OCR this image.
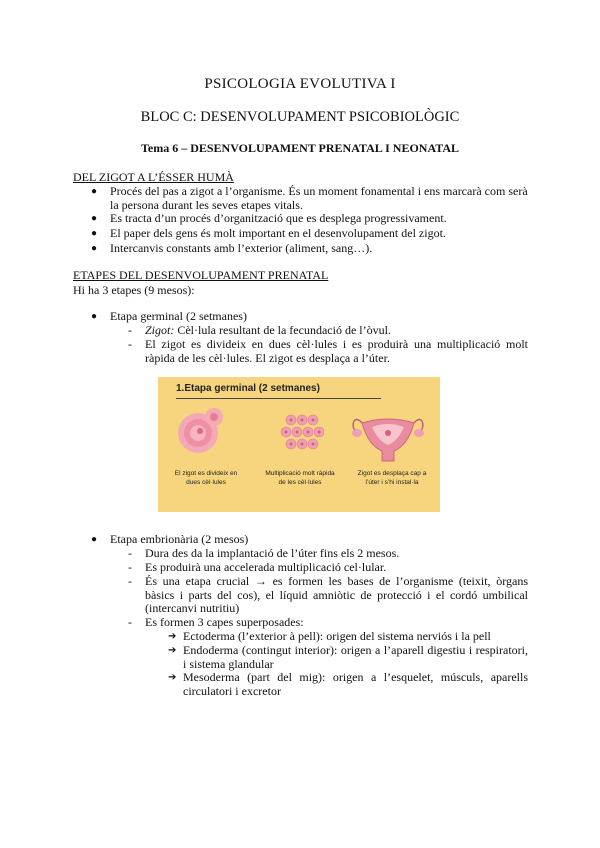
PSICOLOGIA EVOLUTIVA I
BLOC C: DESENVOLUPAMENT PSICOBIOLÒGIC
Tema 6 – DESENVOLUPAMENT PRENATAL I NEONATAL
DEL ZIGOT A L’ÉSSER HUMÀ
● Procés del pas a zigot a l’organisme. És un moment fonamental i ens marcarà com serà la persona durant les seves etapes vitals.
● Es tracta d’un procés d’organització que es desplega progressivament.
● El paper dels gens és molt important en el desenvolupament del zigot.
● Intercanvis constants amb l’exterior (aliment, sang…).
ETAPES DEL DESENVOLUPAMENT PRENATAL
Hi ha 3 etapes (9 mesos):
● Etapa germinal (2 setmanes)
- Zigot: Cèl·lula resultant de la fecundació de l’òvul.
- El zigot es divideix en dues cèl·lules i es produirà una multiplicació molt ràpida de les cèl·lules. El zigot es desplaça a l’úter.
1.Etapa germinal (2 setmanes)
El zigot es divideix en dues cèl·lules
Multiplicació molt ràpida de les cèl·lules
Zigot es desplaça cap a l’úter i s’hi instal·la
● Etapa embrionària (2 mesos)
- Dura des da la implantació de l’úter fins els 2 mesos.
- Es produirà una accelerada multiplicació cel·lular.
- És una etapa crucial → es formen les bases de l’organisme (teixit, òrgans bàsics i parts del cos), el líquid amniòtic de protecció i el cordó umbilical (intercanvi nutritiu)
- Es formen 3 capes superposades:
➔ Ectoderma (l’exterior à pell): origen del sistema nerviós i la pell
➔ Endoderma (contingut interior): origen a l’aparell digestiu i respiratori, i sistema glandular
➔ Mesoderma (part del mig): origen a l’esquelet, músculs, aparells circulatori i excretor
